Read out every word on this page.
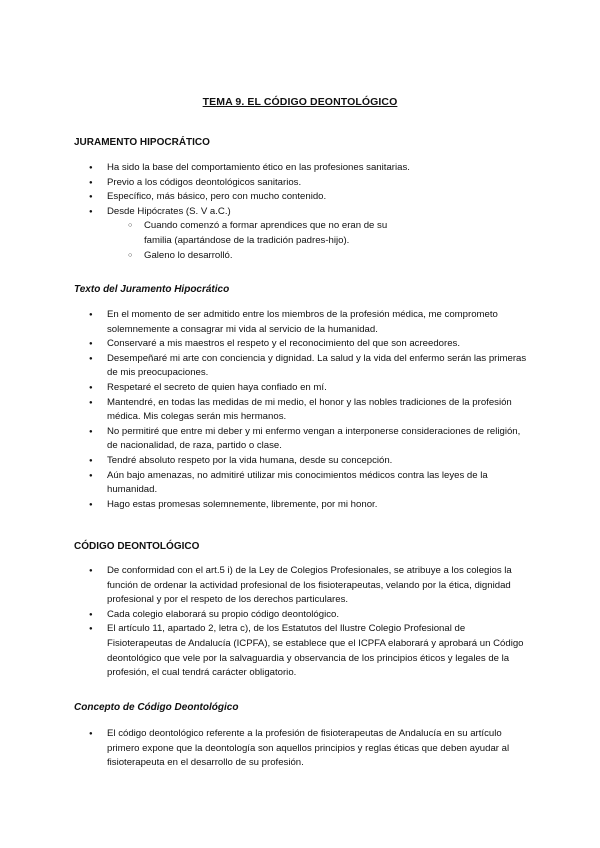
TEMA 9. EL CÓDIGO DEONTOLÓGICO
JURAMENTO HIPOCRÁTICO
● Ha sido la base del comportamiento ético en las profesiones sanitarias.
● Previo a los códigos deontológicos sanitarios.
● Específico, más básico, pero con mucho contenido.
● Desde Hipócrates (S. V a.C.)
○ Cuando comenzó a formar aprendices que no eran de su familia (apartándose de la tradición padres-hijo).
○ Galeno lo desarrolló.
Texto del Juramento Hipocrático
● En el momento de ser admitido entre los miembros de la profesión médica, me comprometo solemnemente a consagrar mi vida al servicio de la humanidad.
● Conservaré a mis maestros el respeto y el reconocimiento del que son acreedores.
● Desempeñaré mi arte con conciencia y dignidad. La salud y la vida del enfermo serán las primeras de mis preocupaciones.
● Respetaré el secreto de quien haya confiado en mí.
● Mantendré, en todas las medidas de mi medio, el honor y las nobles tradiciones de la profesión médica. Mis colegas serán mis hermanos.
● No permitiré que entre mi deber y mi enfermo vengan a interponerse consideraciones de religión, de nacionalidad, de raza, partido o clase.
● Tendré absoluto respeto por la vida humana, desde su concepción.
● Aún bajo amenazas, no admitiré utilizar mis conocimientos médicos contra las leyes de la humanidad.
● Hago estas promesas solemnemente, libremente, por mi honor.
CÓDIGO DEONTOLÓGICO
● De conformidad con el art.5 i) de la Ley de Colegios Profesionales, se atribuye a los colegios la función de ordenar la actividad profesional de los fisioterapeutas, velando por la ética, dignidad profesional y por el respeto de los derechos particulares.
● Cada colegio elaborará su propio código deontológico.
● El artículo 11, apartado 2, letra c), de los Estatutos del Ilustre Colegio Profesional de Fisioterapeutas de Andalucía (ICPFA), se establece que el ICPFA elaborará y aprobará un Código deontológico que vele por la salvaguardia y observancia de los principios éticos y legales de la profesión, el cual tendrá carácter obligatorio.
Concepto de Código Deontológico
● El código deontológico referente a la profesión de fisioterapeutas de Andalucía en su artículo primero expone que la deontología son aquellos principios y reglas éticas que deben ayudar al fisioterapeuta en el desarrollo de su profesión.
